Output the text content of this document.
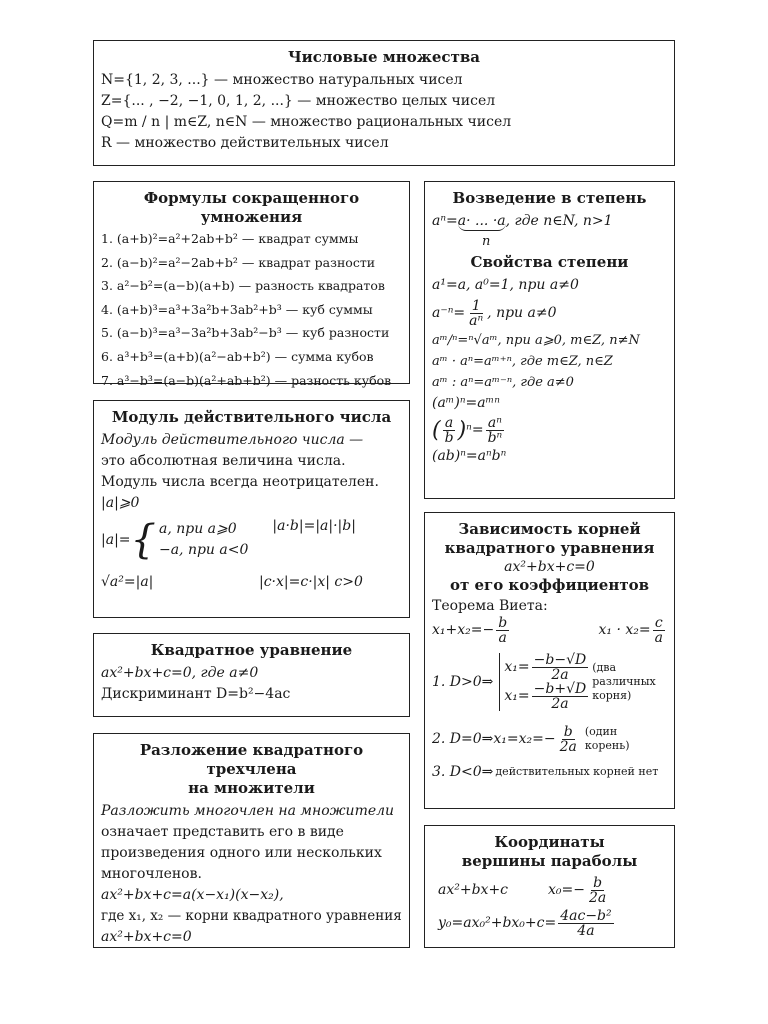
Числовые множества
N={1, 2, 3, ...} — множество натуральных чисел
Z={... , −2, −1, 0, 1, 2, ...} — множество целых чисел
Q=m / n | m∈Z, n∈N — множество рациональных чисел
R — множество действительных чисел
Формулы сокращенного умножения
1. (a+b)²=a²+2ab+b² — квадрат суммы
2. (a−b)²=a²−2ab+b² — квадрат разности
3. a²−b²=(a−b)(a+b) — разность квадратов
4. (a+b)³=a³+3a²b+3ab²+b³ — куб суммы
5. (a−b)³=a³−3a²b+3ab²−b³ — куб разности
6. a³+b³=(a+b)(a²−ab+b²) — сумма кубов
7. a³−b³=(a−b)(a²+ab+b²) — разность кубов
Возведение в степень
aⁿ=a· ... ·a, где n∈N, n>1
n
Свойства степени
a¹=a, a⁰=1, при a≠0
$a^{-n}= \frac{1}{\text{aⁿ}}$ , при a≠0
aᵐ/ⁿ=ⁿ√aᵐ, при a⩾0, m∈Z, n≠N
aᵐ · aⁿ=aᵐ⁺ⁿ, где m∈Z, n∈Z
aᵐ : aⁿ=aᵐ⁻ⁿ, где a≠0
(aᵐ)ⁿ=aᵐⁿ
( $\frac{a}{b}$ ) $^n= \frac{\text{aⁿ}}{\text{bⁿ}}$
(ab)ⁿ=aⁿbⁿ
Модуль действительного числа
Модуль действительного числа —
это абсолютная величина числа.
Модуль числа всегда неотрицателен.
|a|⩾0
|a|= { a, при a⩾0
−a, при a<0
|a·b|=|a|·|b|
√a²=|a|	|c·x|=c·|x| c>0
Зависимость корней
квадратного уравнения
ax²+bx+c=0
от его коэффициентов
Теорема Виета:
$x_1+x_2=- \frac{b}{a}$	$x_1 \cdot x_2= \frac{c}{a}$
1. D>0⇒
$x_1= \frac{-b-√D}{2a}$
$x_1= \frac{-b+√D}{2a}$
(два различных корня)
2. D=0⇒x₁=x₂=− $\frac{b}{2a}$ (один корень)
3. D<0⇒ действительных корней нет
Квадратное уравнение
ax²+bx+c=0, где a≠0
Дискриминант D=b²−4ac
Разложение квадратного трехчлена
на множители
Разложить многочлен на множители
означает представить его в виде
произведения одного или нескольких
многочленов.
ax²+bx+c=a(x−x₁)(x−x₂),
где x₁, x₂ — корни квадратного уравнения
ax²+bx+c=0
Координаты
вершины параболы
ax²+bx+c	$x_0=- \frac{b}{2a}$
$y_0=ax_0^2+bx_0+c= \frac{\text{4ac−b²}}{4a}$
